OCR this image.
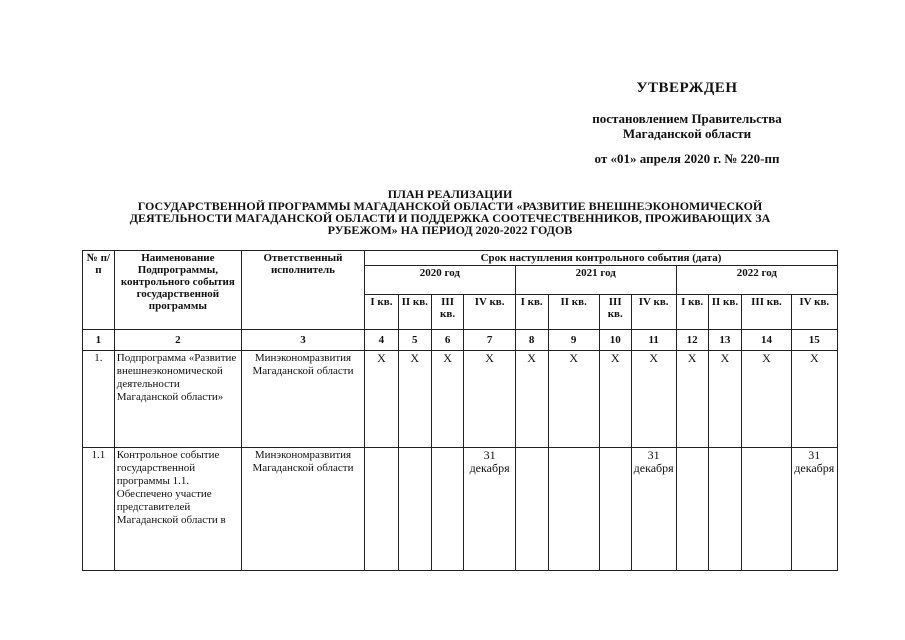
УТВЕРЖДЕН
постановлением Правительства
Магаданской области
от «01» апреля 2020 г. № 220-пп
ПЛАН РЕАЛИЗАЦИИ
ГОСУДАРСТВЕННОЙ ПРОГРАММЫ МАГАДАНСКОЙ ОБЛАСТИ «РАЗВИТИЕ ВНЕШНЕЭКОНОМИЧЕСКОЙ
ДЕЯТЕЛЬНОСТИ МАГАДАНСКОЙ ОБЛАСТИ И ПОДДЕРЖКА СООТЕЧЕСТВЕННИКОВ, ПРОЖИВАЮЩИХ ЗА
РУБЕЖОМ» НА ПЕРИОД 2020-2022 ГОДОВ
№ п/п	Наименование Подпрограммы, контрольного события государственной программы	Ответственный исполнитель	Срок наступления контрольного события (дата)											
			2020 год				2021 год				2022 год			
			I кв.	II кв.	III кв.	IV кв.	I кв.	II кв.	III кв.	IV кв.	I кв.	II кв.	III кв.	IV кв.
1	2	3	4	5	6	7	8	9	10	11	12	13	14	15
1.	Подпрограмма «Развитие внешнеэкономической деятельности Магаданской области»	Минэкономразвития Магаданской области	X	X	X	X	X	X	X	X	X	X	X	X
1.1	Контрольное событие государственной программы 1.1. Обеспечено участие представителей Магаданской области в	Минэкономразвития Магаданской области				31 декабря				31 декабря				31 декабря
